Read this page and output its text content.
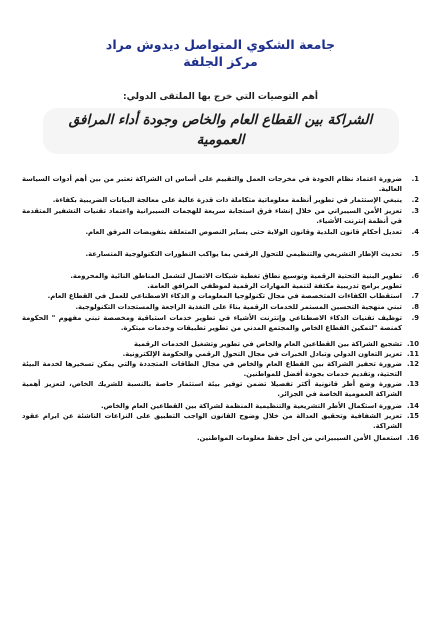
جامعة الشكوي المتواصل ديدوش مراد
مركز الجلفة
أهم التوصيات التي خرج بها الملتقى الدولي:
الشراكة بين القطاع العام والخاص وجودة أداء المرافق العمومية
1.
ضرورة اعتماد نظام الجودة في مخرجات العمل والتقييم على أساس ان الشراكة تعتبر من بين أهم أدوات السياسة العالية.
2.
ينبغي الإستثمار في تطوير أنظمة معلوماتية متكاملة ذات قدرة عالية على معالجة البيانات الضريبية بكفاءة.
3.
تعزيز الأمن السيبراني من خلال إنشاء فرق استجابة سريعة للهجمات السيبرانية واعتماد تقنيات التشفير المتقدمة في أنظمة إنترنت الأشياء.
4.
تعديل أحكام قانون البلدية وقانون الولاية حتى يساير النصوص المتعلقة بتفويضات المرفق العام.
5.
تحديث الإطار التشريعي والتنظيمي للتحول الرقمي بما يواكب التطورات التكنولوجية المتسارعة.
6.
تطوير البنية التحتية الرقمية وتوسيع نطاق تغطية شبكات الاتصال لتشمل المناطق النائية والمحرومة.
تطوير برامج تدريبية مكثفة لتنمية المهارات الرقمية لموظفي المرافق العامة.
7.
استقطاب الكفاءات المتخصصة في مجال تكنولوجيا المعلومات و الذكاء الاصطناعي للعمل في القطاع العام.
8.
تبني منهجية التحسين المستمر للخدمات الرقمية بناءً على التغذية الراجعة والمستجدات التكنولوجية.
9.
توظيف تقنيات الذكاء الاصطناعي وإنترنت الأشياء في تطوير خدمات استباقية ومخصصة تبني مفهوم " الحكومة كمنصة "لتمكين القطاع الخاص والمجتمع المدني من تطوير تطبيقات وخدمات مبتكرة.
10.
تشجيع الشراكة بين القطاعين العام والخاص في تطوير وتشغيل الخدمات الرقمية
11.
تعزيز التعاون الدولي وتبادل الخبرات في مجال التحول الرقمي والحكومة الإلكترونية.
12.
ضرورة تحفيز الشراكة بين القطاع العام والخاص في مجال الطاقات المتجددة والتي يمكن تسخيرها لخدمة البيئة التحتية، وتقديم خدمات بجودة أفضل للمواطنين.
13.
ضرورة وضع أطر قانونية أكثر تفصيلا تضمن توفير بيئة استثمار خاصة بالنسبة للشريك الخاص، لتعزيز أهمية الشراكة العمومية الخاصة في الجزائر.
14.
ضرورة استكمال الأطر التشريعية والتنظيمية المنظمة لشراكة بين القطاعين العام والخاص.
15.
تعزيز الشفافية وتحقيق العدالة من خلال وضوح القانون الواجب التطبيق على النزاعات الناشئة عن ابرام عقود الشراكة.
16.
استعمال الأمن السيبيراني من أجل حفظ معلومات المواطنين.
